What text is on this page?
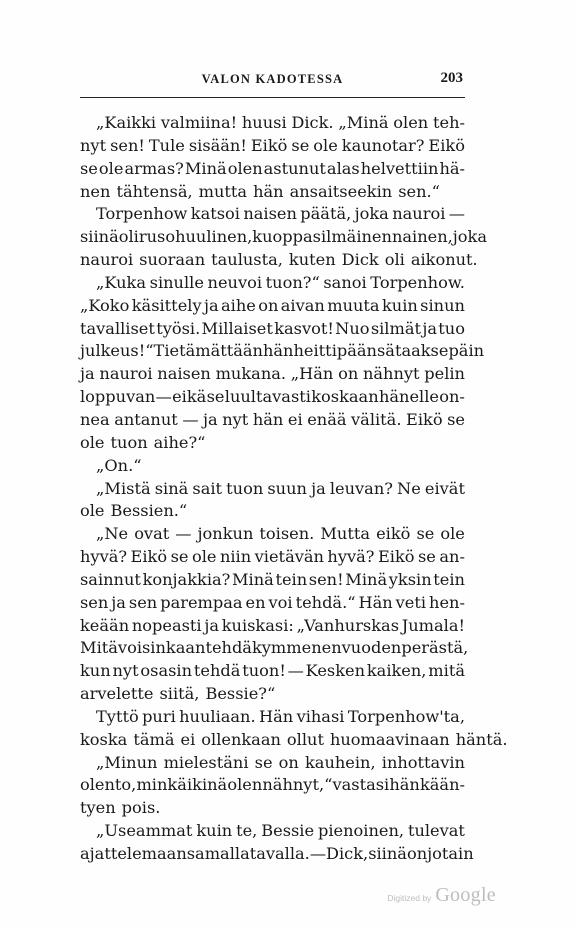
VALON KADOTESSA	203
„Kaikki valmiina! huusi Dick. „Minä olen teh-
nyt sen! Tule sisään! Eikö se ole kaunotar? Eikö
se ole armas? Minä olen astunut alas helvettiin hä-
nen tähtensä, mutta hän ansaitseekin sen.“
Torpenhow katsoi naisen päätä, joka nauroi —
siinä oli rusohuulinen, kuoppasilmäinen nainen, joka
nauroi suoraan taulusta, kuten Dick oli aikonut.
„Kuka sinulle neuvoi tuon?“ sanoi Torpenhow.
„Koko käsittely ja aihe on aivan muuta kuin sinun
tavalliset työsi. Millaiset kasvot! Nuo silmät ja tuo
julkeus!“ Tietämättään hän heitti päänsä taaksepäin
ja nauroi naisen mukana. „Hän on nähnyt pelin
loppuvan — eikä se luultavasti koskaan hänelle on-
nea antanut — ja nyt hän ei enää välitä. Eikö se
ole tuon aihe?“
„On.“
„Mistä sinä sait tuon suun ja leuvan? Ne eivät
ole Bessien.“
„Ne ovat — jonkun toisen. Mutta eikö se ole
hyvä? Eikö se ole niin vietävän hyvä? Eikö se an-
sainnut konjakkia? Minä tein sen! Minä yksin tein
sen ja sen parempaa en voi tehdä.“ Hän veti hen-
keään nopeasti ja kuiskasi: „Vanhurskas Jumala!
Mitä voisinkaan tehdä kymmenen vuoden perästä,
kun nyt osasin tehdä tuon! — Kesken kaiken, mitä
arvelette siitä, Bessie?“
Tyttö puri huuliaan. Hän vihasi Torpenhow'ta,
koska tämä ei ollenkaan ollut huomaavinaan häntä.
„Minun mielestäni se on kauhein, inhottavin
olento, minkä ikinä olen nähnyt,“ vastasi hän kään-
tyen pois.
„Useammat kuin te, Bessie pienoinen, tulevat
ajattelemaan samalla tavalla. — Dick, siinä on jotain
Digitized by Google
